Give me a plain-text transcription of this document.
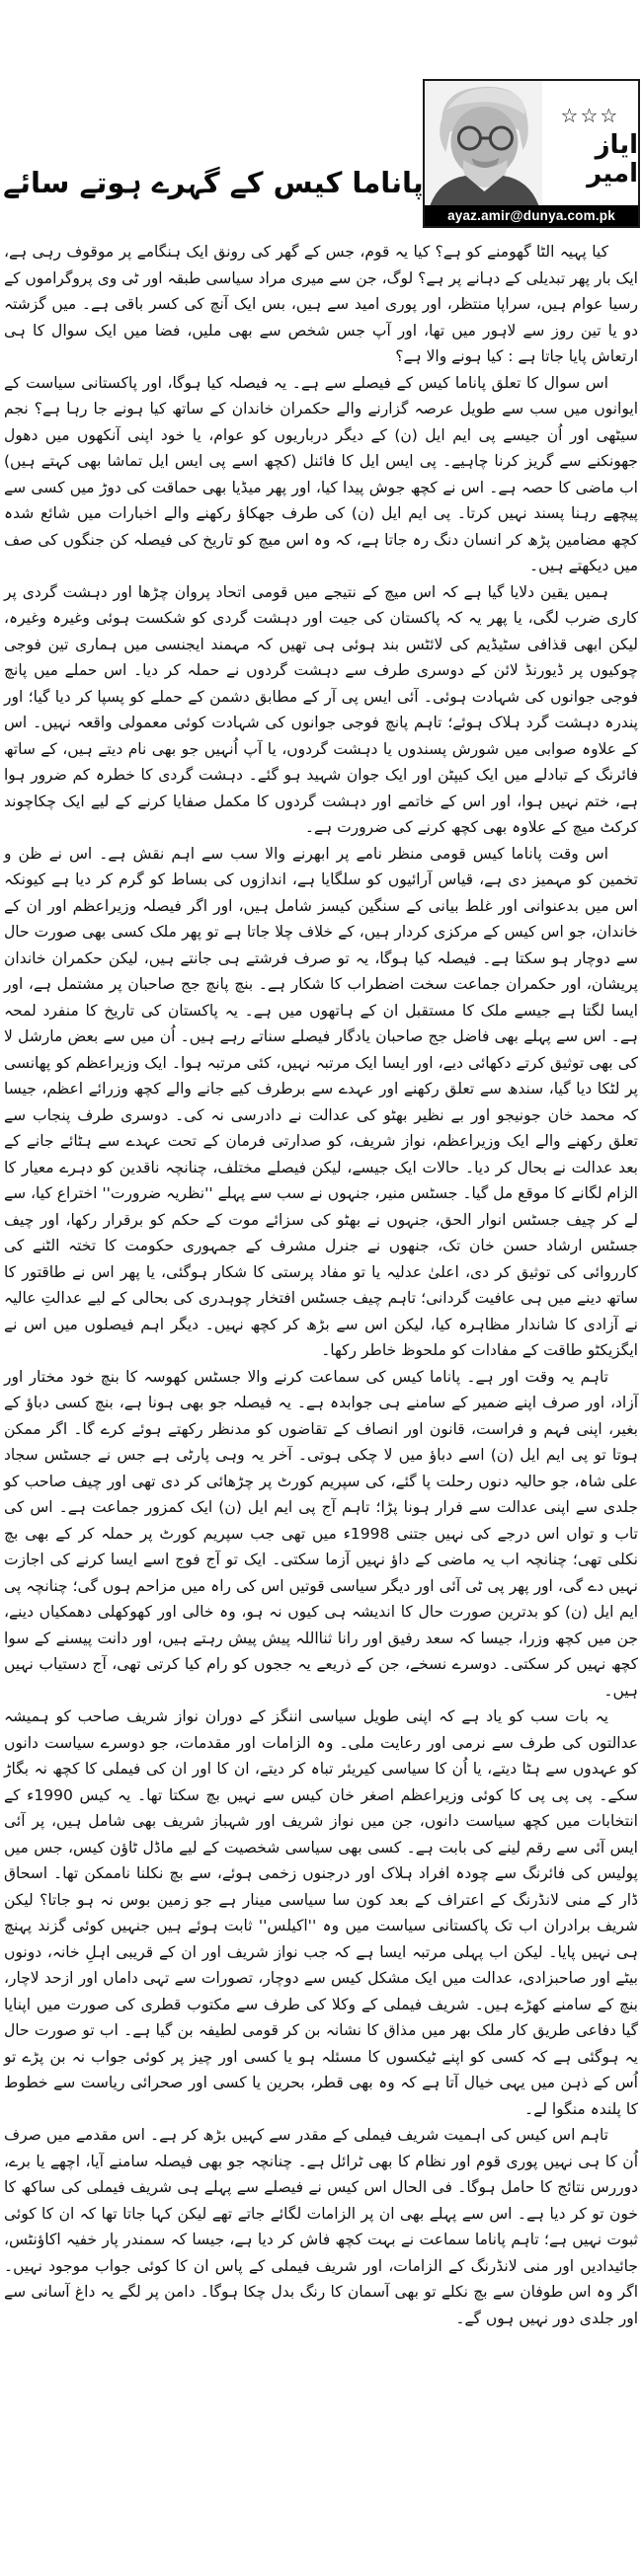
☆☆☆
ایاز امیر
ayaz.amir@dunya.com.pk
پاناما کیس کے گہرے ہوتے سائے

کیا پہیہ الٹا گھومنے کو ہے؟ کیا یہ قوم، جس کے گھر کی رونق ایک ہنگامے پر موقوف رہی ہے، ایک بار پھر تبدیلی کے دہانے پر ہے؟ لوگ، جن سے میری مراد سیاسی طبقہ اور ٹی وی پروگراموں کے رسیا عوام ہیں، سراپا منتظر، اور پوری امید سے ہیں، بس ایک آنچ کی کسر باقی ہے۔ میں گزشتہ دو یا تین روز سے لاہور میں تھا، اور آپ جس شخص سے بھی ملیں، فضا میں ایک سوال کا ہی ارتعاش پایا جاتا ہے : کیا ہونے والا ہے؟

اس سوال کا تعلق پاناما کیس کے فیصلے سے ہے۔ یہ فیصلہ کیا ہوگا، اور پاکستانی سیاست کے ایوانوں میں سب سے طویل عرصہ گزارنے والے حکمران خاندان کے ساتھ کیا ہونے جا رہا ہے؟ نجم سیٹھی اور اُن جیسے پی ایم ایل (ن) کے دیگر درباریوں کو عوام، یا خود اپنی آنکھوں میں دھول جھونکنے سے گریز کرنا چاہیے۔ پی ایس ایل کا فائنل (کچھ اسے پی ایس ایل تماشا بھی کہتے ہیں) اب ماضی کا حصہ ہے۔ اس نے کچھ جوش پیدا کیا، اور پھر میڈیا بھی حماقت کی دوڑ میں کسی سے پیچھے رہنا پسند نہیں کرتا۔ پی ایم ایل (ن) کی طرف جھکاؤ رکھنے والے اخبارات میں شائع شدہ کچھ مضامین پڑھ کر انسان دنگ رہ جاتا ہے، کہ وہ اس میچ کو تاریخ کی فیصلہ کن جنگوں کی صف میں دیکھتے ہیں۔

ہمیں یقین دلایا گیا ہے کہ اس میچ کے نتیجے میں قومی اتحاد پروان چڑھا اور دہشت گردی پر کاری ضرب لگی، یا پھر یہ کہ پاکستان کی جیت اور دہشت گردی کو شکست ہوئی وغیرہ وغیرہ، لیکن ابھی قذافی سٹیڈیم کی لائٹس بند ہوئی ہی تھیں کہ مہمند ایجنسی میں ہماری تین فوجی چوکیوں پر ڈیورنڈ لائن کے دوسری طرف سے دہشت گردوں نے حملہ کر دیا۔ اس حملے میں پانچ فوجی جوانوں کی شہادت ہوئی۔ آئی ایس پی آر کے مطابق دشمن کے حملے کو پسپا کر دیا گیا؛ اور پندرہ دہشت گرد ہلاک ہوئے؛ تاہم پانچ فوجی جوانوں کی شہادت کوئی معمولی واقعہ نہیں۔ اس کے علاوہ صوابی میں شورش پسندوں یا دہشت گردوں، یا آپ اُنہیں جو بھی نام دیتے ہیں، کے ساتھ فائرنگ کے تبادلے میں ایک کیپٹن اور ایک جوان شہید ہو گئے۔ دہشت گردی کا خطرہ کم ضرور ہوا ہے، ختم نہیں ہوا، اور اس کے خاتمے اور دہشت گردوں کا مکمل صفایا کرنے کے لیے ایک چکاچوند کرکٹ میچ کے علاوہ بھی کچھ کرنے کی ضرورت ہے۔

اس وقت پاناما کیس قومی منظر نامے پر ابھرنے والا سب سے اہم نقش ہے۔ اس نے ظن و تخمین کو مہمیز دی ہے، قیاس آرائیوں کو سلگایا ہے، اندازوں کی بساط کو گرم کر دیا ہے کیونکہ اس میں بدعنوانی اور غلط بیانی کے سنگین کیسز شامل ہیں، اور اگر فیصلہ وزیراعظم اور ان کے خاندان، جو اس کیس کے مرکزی کردار ہیں، کے خلاف چلا جاتا ہے تو پھر ملک کسی بھی صورت حال سے دوچار ہو سکتا ہے۔ فیصلہ کیا ہوگا، یہ تو صرف فرشتے ہی جانتے ہیں، لیکن حکمران خاندان پریشان، اور حکمران جماعت سخت اضطراب کا شکار ہے۔ بنچ پانچ جج صاحبان پر مشتمل ہے، اور ایسا لگتا ہے جیسے ملک کا مستقبل ان کے ہاتھوں میں ہے۔ یہ پاکستان کی تاریخ کا منفرد لمحہ ہے۔ اس سے پہلے بھی فاضل جج صاحبان یادگار فیصلے سناتے رہے ہیں۔ اُن میں سے بعض مارشل لا کی بھی توثیق کرتے دکھائی دیے، اور ایسا ایک مرتبہ نہیں، کئی مرتبہ ہوا۔ ایک وزیراعظم کو پھانسی پر لٹکا دیا گیا، سندھ سے تعلق رکھنے اور عہدے سے برطرف کیے جانے والے کچھ وزرائے اعظم، جیسا کہ محمد خان جونیجو اور بے نظیر بھٹو کی عدالت نے دادرسی نہ کی۔ دوسری طرف پنجاب سے تعلق رکھنے والے ایک وزیراعظم، نواز شریف، کو صدارتی فرمان کے تحت عہدے سے ہٹائے جانے کے بعد عدالت نے بحال کر دیا۔ حالات ایک جیسے، لیکن فیصلے مختلف، چنانچہ ناقدین کو دہرے معیار کا الزام لگانے کا موقع مل گیا۔ جسٹس منیر، جنہوں نے سب سے پہلے ''نظریہ ضرورت'' اختراع کیا، سے لے کر چیف جسٹس انوار الحق، جنہوں نے بھٹو کی سزائے موت کے حکم کو برقرار رکھا، اور چیف جسٹس ارشاد حسن خان تک، جنھوں نے جنرل مشرف کے جمہوری حکومت کا تختہ الٹنے کی کارروائی کی توثیق کر دی، اعلیٰ عدلیہ یا تو مفاد پرستی کا شکار ہوگئی، یا پھر اس نے طاقتور کا ساتھ دینے میں ہی عافیت گردانی؛ تاہم چیف جسٹس افتخار چوہدری کی بحالی کے لیے عدالتِ عالیہ نے آزادی کا شاندار مظاہرہ کیا، لیکن اس سے بڑھ کر کچھ نہیں۔ دیگر اہم فیصلوں میں اس نے ایگزیکٹو طاقت کے مفادات کو ملحوظ خاطر رکھا۔

تاہم یہ وقت اور ہے۔ پاناما کیس کی سماعت کرنے والا جسٹس کھوسہ کا بنچ خود مختار اور آزاد، اور صرف اپنے ضمیر کے سامنے ہی جوابدہ ہے۔ یہ فیصلہ جو بھی ہونا ہے، بنچ کسی دباؤ کے بغیر، اپنی فہم و فراست، قانون اور انصاف کے تقاضوں کو مدنظر رکھتے ہوئے کرے گا۔ اگر ممکن ہوتا تو پی ایم ایل (ن) اسے دباؤ میں لا چکی ہوتی۔ آخر یہ وہی پارٹی ہے جس نے جسٹس سجاد علی شاہ، جو حالیہ دنوں رحلت پا گئے، کی سپریم کورٹ پر چڑھائی کر دی تھی اور چیف صاحب کو جلدی سے اپنی عدالت سے فرار ہونا پڑا؛ تاہم آج پی ایم ایل (ن) ایک کمزور جماعت ہے۔ اس کی تاب و تواں اس درجے کی نہیں جتنی 1998ء میں تھی جب سپریم کورٹ پر حملہ کر کے بھی بچ نکلی تھی؛ چنانچہ اب یہ ماضی کے داؤ نہیں آزما سکتی۔ ایک تو آج فوج اسے ایسا کرنے کی اجازت نہیں دے گی، اور پھر پی ٹی آئی اور دیگر سیاسی قوتیں اس کی راہ میں مزاحم ہوں گی؛ چنانچہ پی ایم ایل (ن) کو بدترین صورت حال کا اندیشہ ہی کیوں نہ ہو، وہ خالی اور کھوکھلی دھمکیاں دینے، جن میں کچھ وزرا، جیسا کہ سعد رفیق اور رانا ثنااللہ پیش پیش رہتے ہیں، اور دانت پیسنے کے سوا کچھ نہیں کر سکتی۔ دوسرے نسخے، جن کے ذریعے یہ ججوں کو رام کیا کرتی تھی، آج دستیاب نہیں ہیں۔

یہ بات سب کو یاد ہے کہ اپنی طویل سیاسی اننگز کے دوران نواز شریف صاحب کو ہمیشہ عدالتوں کی طرف سے نرمی اور رعایت ملی۔ وہ الزامات اور مقدمات، جو دوسرے سیاست دانوں کو عہدوں سے ہٹا دیتے، یا اُن کا سیاسی کیریئر تباہ کر دیتے، ان کا اور ان کی فیملی کا کچھ نہ بگاڑ سکے۔ پی پی پی کا کوئی وزیراعظم اصغر خان کیس سے نہیں بچ سکتا تھا۔ یہ کیس 1990ء کے انتخابات میں کچھ سیاست دانوں، جن میں نواز شریف اور شہباز شریف بھی شامل ہیں، پر آئی ایس آئی سے رقم لینے کی بابت ہے۔ کسی بھی سیاسی شخصیت کے لیے ماڈل ٹاؤن کیس، جس میں پولیس کی فائرنگ سے چودہ افراد ہلاک اور درجنوں زخمی ہوئے، سے بچ نکلنا ناممکن تھا۔ اسحاق ڈار کے منی لانڈرنگ کے اعتراف کے بعد کون سا سیاسی مینار ہے جو زمین بوس نہ ہو جاتا؟ لیکن شریف برادران اب تک پاکستانی سیاست میں وہ ''اکیلس'' ثابت ہوئے ہیں جنہیں کوئی گزند پہنچ ہی نہیں پایا۔ لیکن اب پہلی مرتبہ ایسا ہے کہ جب نواز شریف اور ان کے قریبی اہلِ خانہ، دونوں بیٹے اور صاحبزادی، عدالت میں ایک مشکل کیس سے دوچار، تصورات سے تہی داماں اور ازحد لاچار، بنچ کے سامنے کھڑے ہیں۔ شریف فیملی کے وکلا کی طرف سے مکتوب قطری کی صورت میں اپنایا گیا دفاعی طریق کار ملک بھر میں مذاق کا نشانہ بن کر قومی لطیفہ بن گیا ہے۔ اب تو صورت حال یہ ہوگئی ہے کہ کسی کو اپنے ٹیکسوں کا مسئلہ ہو یا کسی اور چیز پر کوئی جواب نہ بن پڑے تو اُس کے ذہن میں یہی خیال آتا ہے کہ وہ بھی قطر، بحرین یا کسی اور صحرائی ریاست سے خطوط کا پلندہ منگوا لے۔

تاہم اس کیس کی اہمیت شریف فیملی کے مقدر سے کہیں بڑھ کر ہے۔ اس مقدمے میں صرف اُن کا ہی نہیں پوری قوم اور نظام کا بھی ٹرائل ہے۔ چنانچہ جو بھی فیصلہ سامنے آیا، اچھے یا برے، دوررس نتائج کا حامل ہوگا۔ فی الحال اس کیس نے فیصلے سے پہلے ہی شریف فیملی کی ساکھ کا خون تو کر دیا ہے۔ اس سے پہلے بھی ان پر الزامات لگائے جاتے تھے لیکن کہا جاتا تھا کہ ان کا کوئی ثبوت نہیں ہے؛ تاہم پاناما سماعت نے بہت کچھ فاش کر دیا ہے، جیسا کہ سمندر پار خفیہ اکاؤنٹس، جائیدادیں اور منی لانڈرنگ کے الزامات، اور شریف فیملی کے پاس ان کا کوئی جواب موجود نہیں۔ اگر وہ اس طوفان سے بچ نکلے تو بھی آسمان کا رنگ بدل چکا ہوگا۔ دامن پر لگے یہ داغ آسانی سے اور جلدی دور نہیں ہوں گے۔
